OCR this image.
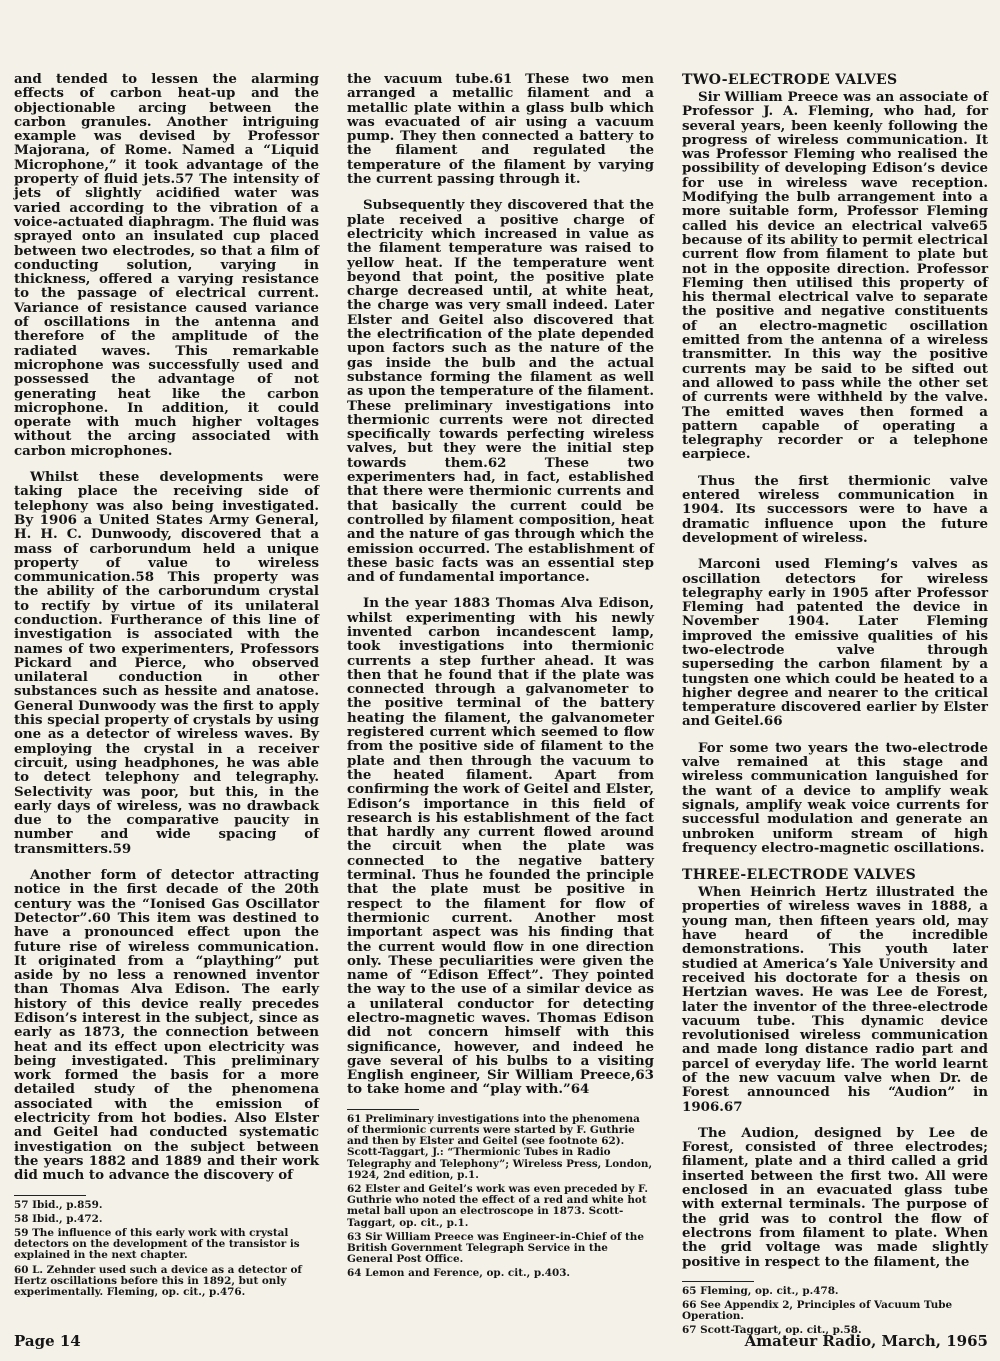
and tended to lessen the alarming effects of carbon heat-up and the objectionable arcing between the carbon granules. Another intriguing example was devised by Professor Majorana, of Rome. Named a “Liquid Microphone,” it took advantage of the property of fluid jets.57 The intensity of jets of slightly acidified water was varied according to the vibration of a voice-actuated diaphragm. The fluid was sprayed onto an insulated cup placed between two electrodes, so that a film of conducting solution, varying in thickness, offered a varying resistance to the passage of electrical current. Variance of resistance caused variance of oscillations in the antenna and therefore of the amplitude of the radiated waves. This remarkable microphone was successfully used and possessed the advantage of not generating heat like the carbon microphone. In addition, it could operate with much higher voltages without the arcing associated with carbon microphones.

Whilst these developments were taking place the receiving side of telephony was also being investigated. By 1906 a United States Army General, H. H. C. Dunwoody, discovered that a mass of carborundum held a unique property of value to wireless communication.58 This property was the ability of the carborundum crystal to rectify by virtue of its unilateral conduction. Furtherance of this line of investigation is associated with the names of two experimenters, Professors Pickard and Pierce, who observed unilateral conduction in other substances such as hessite and anatose. General Dunwoody was the first to apply this special property of crystals by using one as a detector of wireless waves. By employing the crystal in a receiver circuit, using headphones, he was able to detect telephony and telegraphy. Selectivity was poor, but this, in the early days of wireless, was no drawback due to the comparative paucity in number and wide spacing of transmitters.59

Another form of detector attracting notice in the first decade of the 20th century was the “Ionised Gas Oscillator Detector”.60 This item was destined to have a pronounced effect upon the future rise of wireless communication. It originated from a “plaything” put aside by no less a renowned inventor than Thomas Alva Edison. The early history of this device really precedes Edison’s interest in the subject, since as early as 1873, the connection between heat and its effect upon electricity was being investigated. This preliminary work formed the basis for a more detailed study of the phenomena associated with the emission of electricity from hot bodies. Also Elster and Geitel had conducted systematic investigation on the subject between the years 1882 and 1889 and their work did much to advance the discovery of

57 Ibid., p.859.
58 Ibid., p.472.
59 The influence of this early work with crystal detectors on the development of the transistor is explained in the next chapter.
60 L. Zehnder used such a device as a detector of Hertz oscillations before this in 1892, but only experimentally. Fleming, op. cit., p.476.

the vacuum tube.61 These two men arranged a metallic filament and a metallic plate within a glass bulb which was evacuated of air using a vacuum pump. They then connected a battery to the filament and regulated the temperature of the filament by varying the current passing through it.

Subsequently they discovered that the plate received a positive charge of electricity which increased in value as the filament temperature was raised to yellow heat. If the temperature went beyond that point, the positive plate charge decreased until, at white heat, the charge was very small indeed. Later Elster and Geitel also discovered that the electrification of the plate depended upon factors such as the nature of the gas inside the bulb and the actual substance forming the filament as well as upon the temperature of the filament. These preliminary investigations into thermionic currents were not directed specifically towards perfecting wireless valves, but they were the initial step towards them.62 These two experimenters had, in fact, established that there were thermionic currents and that basically the current could be controlled by filament composition, heat and the nature of gas through which the emission occurred. The establishment of these basic facts was an essential step and of fundamental importance.

In the year 1883 Thomas Alva Edison, whilst experimenting with his newly invented carbon incandescent lamp, took investigations into thermionic currents a step further ahead. It was then that he found that if the plate was connected through a galvanometer to the positive terminal of the battery heating the filament, the galvanometer registered current which seemed to flow from the positive side of filament to the plate and then through the vacuum to the heated filament. Apart from confirming the work of Geitel and Elster, Edison’s importance in this field of research is his establishment of the fact that hardly any current flowed around the circuit when the plate was connected to the negative battery terminal. Thus he founded the principle that the plate must be positive in respect to the filament for flow of thermionic current. Another most important aspect was his finding that the current would flow in one direction only. These peculiarities were given the name of “Edison Effect”. They pointed the way to the use of a similar device as a unilateral conductor for detecting electro-magnetic waves. Thomas Edison did not concern himself with this significance, however, and indeed he gave several of his bulbs to a visiting English engineer, Sir William Preece,63 to take home and “play with.”64

61 Preliminary investigations into the phenomena of thermionic currents were started by F. Guthrie and then by Elster and Geitel (see footnote 62). Scott-Taggart, J.: “Thermionic Tubes in Radio Telegraphy and Telephony”; Wireless Press, London, 1924, 2nd edition, p.1.
62 Elster and Geitel’s work was even preceded by F. Guthrie who noted the effect of a red and white hot metal ball upon an electroscope in 1873. Scott-Taggart, op. cit., p.1.
63 Sir William Preece was Engineer-in-Chief of the British Government Telegraph Service in the General Post Office.
64 Lemon and Ference, op. cit., p.403.
TWO-ELECTRODE VALVES

Sir William Preece was an associate of Professor J. A. Fleming, who had, for several years, been keenly following the progress of wireless communication. It was Professor Fleming who realised the possibility of developing Edison’s device for use in wireless wave reception. Modifying the bulb arrangement into a more suitable form, Professor Fleming called his device an electrical valve65 because of its ability to permit electrical current flow from filament to plate but not in the opposite direction. Professor Fleming then utilised this property of his thermal electrical valve to separate the positive and negative constituents of an electro-magnetic oscillation emitted from the antenna of a wireless transmitter. In this way the positive currents may be said to be sifted out and allowed to pass while the other set of currents were withheld by the valve. The emitted waves then formed a pattern capable of operating a telegraphy recorder or a telephone earpiece.

Thus the first thermionic valve entered wireless communication in 1904. Its successors were to have a dramatic influence upon the future development of wireless.

Marconi used Fleming’s valves as oscillation detectors for wireless telegraphy early in 1905 after Professor Fleming had patented the device in November 1904. Later Fleming improved the emissive qualities of his two-electrode valve through superseding the carbon filament by a tungsten one which could be heated to a higher degree and nearer to the critical temperature discovered earlier by Elster and Geitel.66

For some two years the two-electrode valve remained at this stage and wireless communication languished for the want of a device to amplify weak signals, amplify weak voice currents for successful modulation and generate an unbroken uniform stream of high frequency electro-magnetic oscillations.

THREE-ELECTRODE VALVES

When Heinrich Hertz illustrated the properties of wireless waves in 1888, a young man, then fifteen years old, may have heard of the incredible demonstrations. This youth later studied at America’s Yale University and received his doctorate for a thesis on Hertzian waves. He was Lee de Forest, later the inventor of the three-electrode vacuum tube. This dynamic device revolutionised wireless communication and made long distance radio part and parcel of everyday life. The world learnt of the new vacuum valve when Dr. de Forest announced his “Audion” in 1906.67

The Audion, designed by Lee de Forest, consisted of three electrodes; filament, plate and a third called a grid inserted between the first two. All were enclosed in an evacuated glass tube with external terminals. The purpose of the grid was to control the flow of electrons from filament to plate. When the grid voltage was made slightly positive in respect to the filament, the

65 Fleming, op. cit., p.478.
66 See Appendix 2, Principles of Vacuum Tube Operation.
67 Scott-Taggart, op. cit., p.58.
Page 14	Amateur Radio, March, 1965
